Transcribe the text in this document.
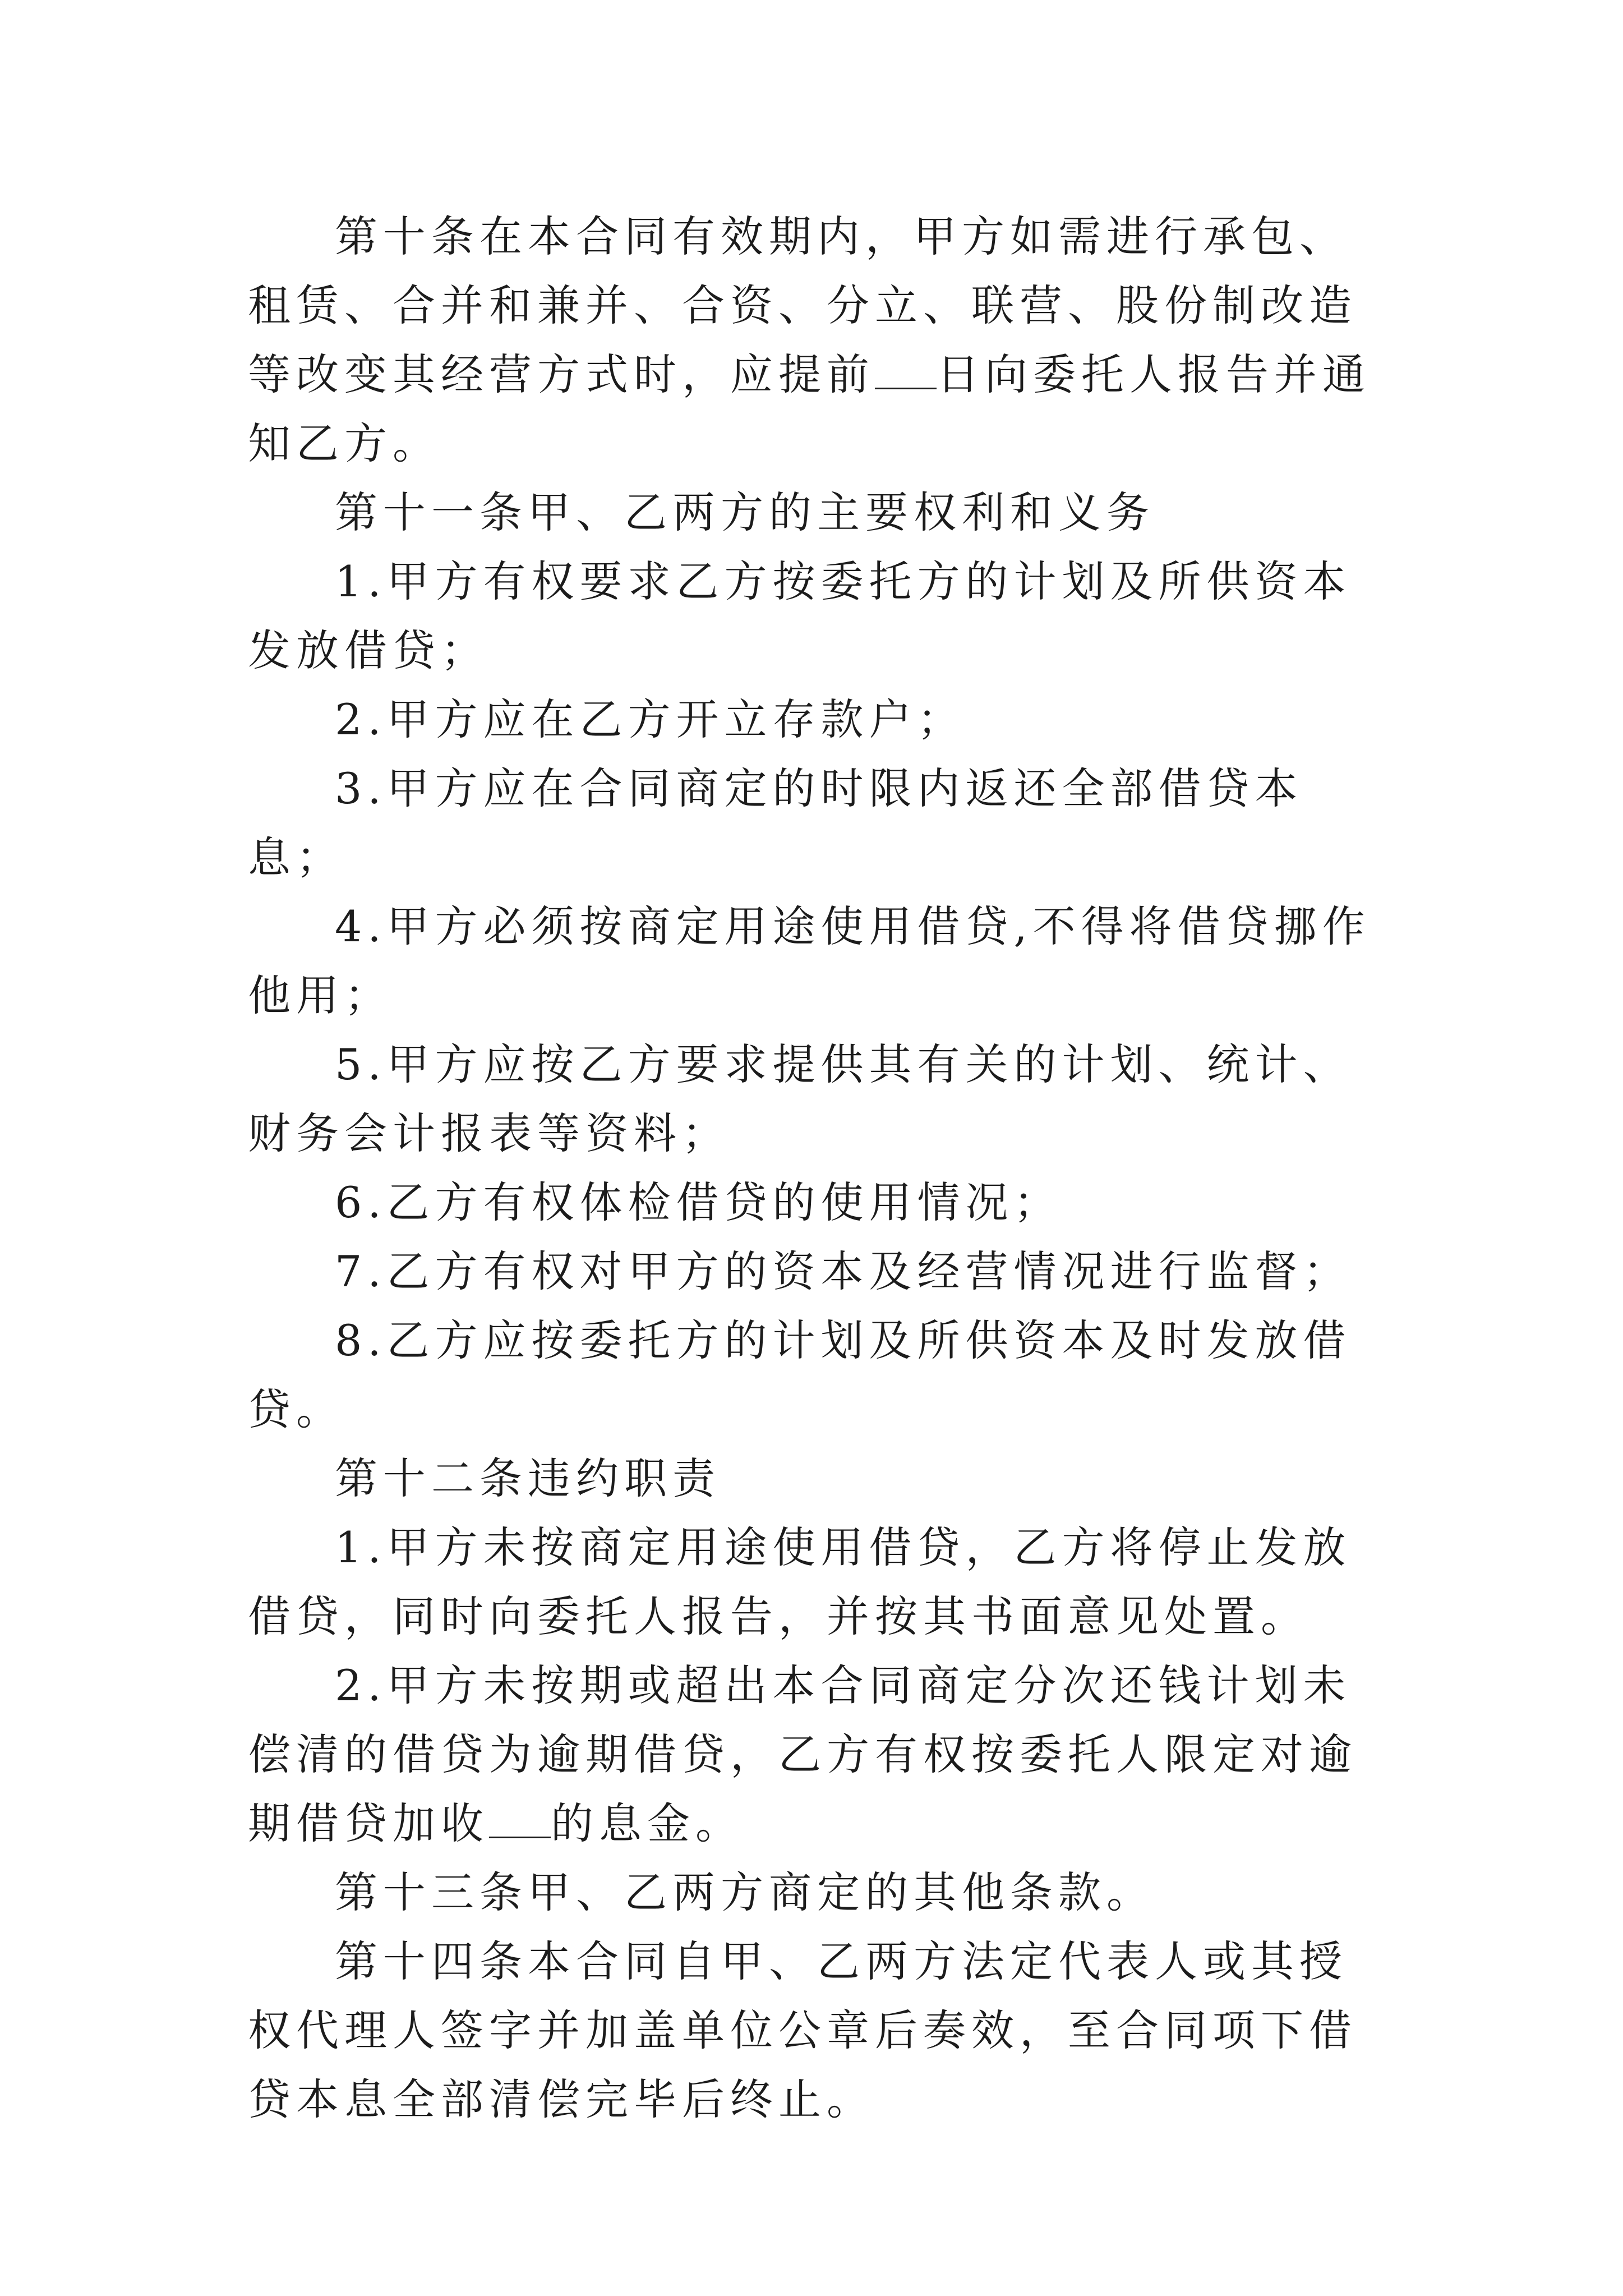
第十条在本合同有效期内，甲方如需进行承包、租赁、合并和兼并、合资、分立、联营、股份制改造等改变其经营方式时，应提前 日向委托人报告并通知乙方。

第十一条甲、乙两方的主要权利和义务

1.甲方有权要求乙方按委托方的计划及所供资本发放借贷；

2.甲方应在乙方开立存款户；

3.甲方应在合同商定的时限内返还全部借贷本息；

4.甲方必须按商定用途使用借贷,不得将借贷挪作他用；

5.甲方应按乙方要求提供其有关的计划、统计、财务会计报表等资料；

6.乙方有权体检借贷的使用情况；

7.乙方有权对甲方的资本及经营情况进行监督；

8.乙方应按委托方的计划及所供资本及时发放借贷。

第十二条违约职责

1.甲方未按商定用途使用借贷，乙方将停止发放借贷，同时向委托人报告，并按其书面意见处置。

2.甲方未按期或超出本合同商定分次还钱计划未偿清的借贷为逾期借贷，乙方有权按委托人限定对逾期借贷加收 的息金。

第十三条甲、乙两方商定的其他条款。

第十四条本合同自甲、乙两方法定代表人或其授权代理人签字并加盖单位公章后奏效，至合同项下借贷本息全部清偿完毕后终止。
